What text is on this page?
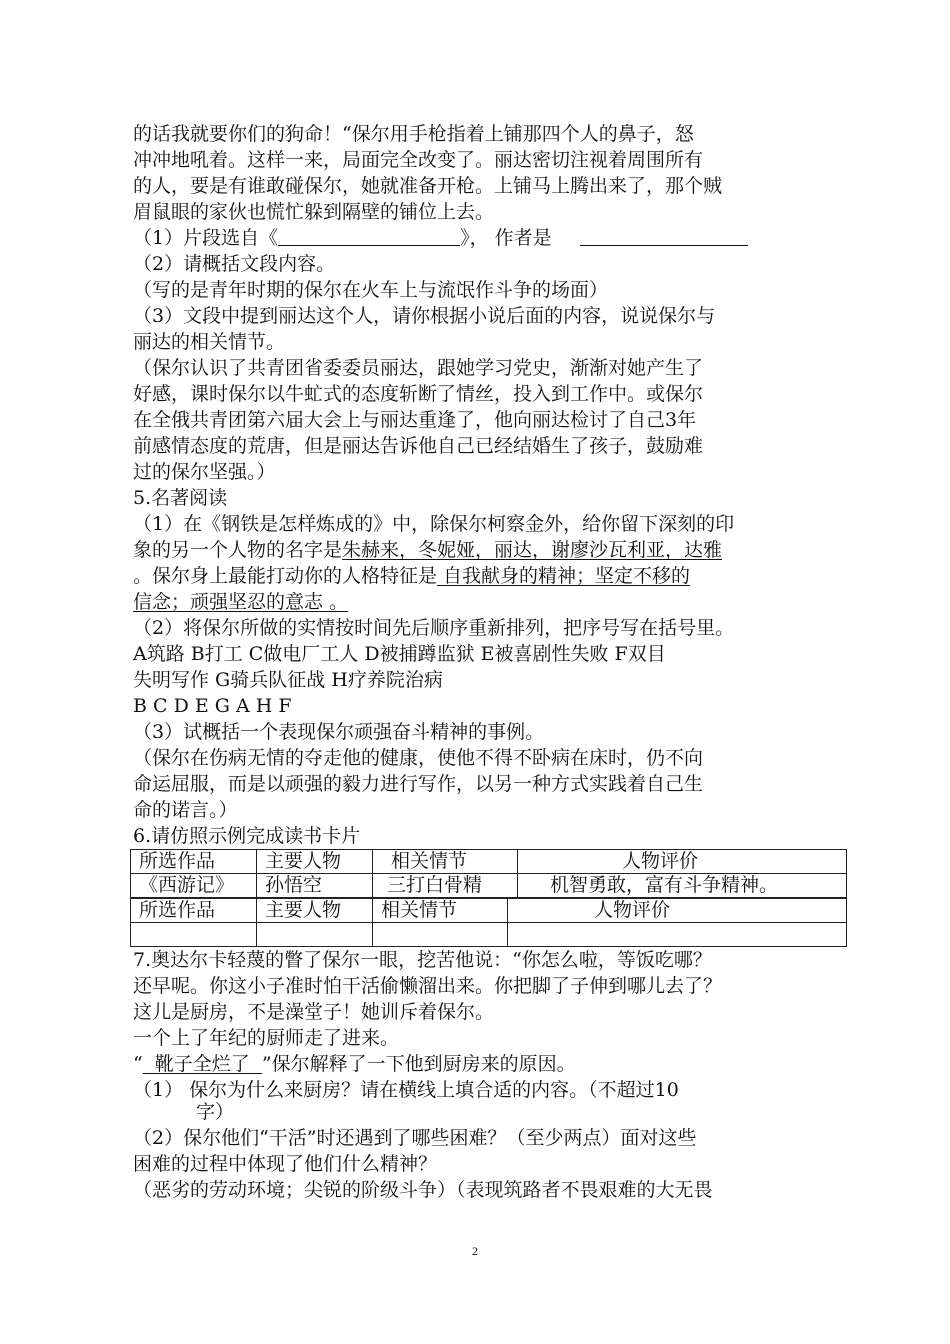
的话我就要你们的狗命！“保尔用手枪指着上铺那四个人的鼻子，怒
冲冲地吼着。这样一来，局面完全改变了。丽达密切注视着周围所有
的人，要是有谁敢碰保尔，她就准备开枪。上铺马上腾出来了，那个贼
眉鼠眼的家伙也慌忙躲到隔壁的铺位上去。
（1）片段选自《	》， 作者是
（2）请概括文段内容。
（写的是青年时期的保尔在火车上与流氓作斗争的场面）
（3）文段中提到丽达这个人，请你根据小说后面的内容，说说保尔与
丽达的相关情节。
（保尔认识了共青团省委委员丽达，跟她学习党史，渐渐对她产生了
好感，课时保尔以牛虻式的态度斩断了情丝，投入到工作中。或保尔
在全俄共青团第六届大会上与丽达重逢了，他向丽达检讨了自己3年
前感情态度的荒唐，但是丽达告诉他自己已经结婚生了孩子，鼓励难
过的保尔坚强。）
5.名著阅读
（1）在《钢铁是怎样炼成的》中，除保尔柯察金外，给你留下深刻的印
象的另一个人物的名字是朱赫来，冬妮娅，丽达，谢廖沙瓦利亚，达雅
。保尔身上最能打动你的人格特征是 自我献身的精神；坚定不移的
信念；顽强坚忍的意志 。
（2）将保尔所做的实情按时间先后顺序重新排列，把序号写在括号里。
A筑路 B打工 C做电厂工人 D被捕蹲监狱 E被喜剧性失败 F双目
失明写作 G骑兵队征战 H疗养院治病
B C D E G A H F
（3）试概括一个表现保尔顽强奋斗精神的事例。
（保尔在伤病无情的夺走他的健康，使他不得不卧病在床时，仍不向
命运屈服，而是以顽强的毅力进行写作，以另一种方式实践着自己生
命的诺言。）
6.请仿照示例完成读书卡片
所选作品	主要人物	相关情节	人物评价
《西游记》	孙悟空	三打白骨精	机智勇敢，富有斗争精神。
所选作品	主要人物	相关情节	人物评价

7.奥达尔卡轻蔑的瞥了保尔一眼，挖苦他说：“你怎么啦，等饭吃哪？
还早呢。你这小子准时怕干活偷懒溜出来。你把脚了子伸到哪儿去了？
这儿是厨房，不是澡堂子！她训斥着保尔。
一个上了年纪的厨师走了进来。
“  靴子全烂了  ”保尔解释了一下他到厨房来的原因。
（1） 保尔为什么来厨房？请在横线上填合适的内容。（不超过10
字）
（2）保尔他们“干活”时还遇到了哪些困难？（至少两点）面对这些
困难的过程中体现了他们什么精神？
（恶劣的劳动环境；尖锐的阶级斗争）（表现筑路者不畏艰难的大无畏
2
